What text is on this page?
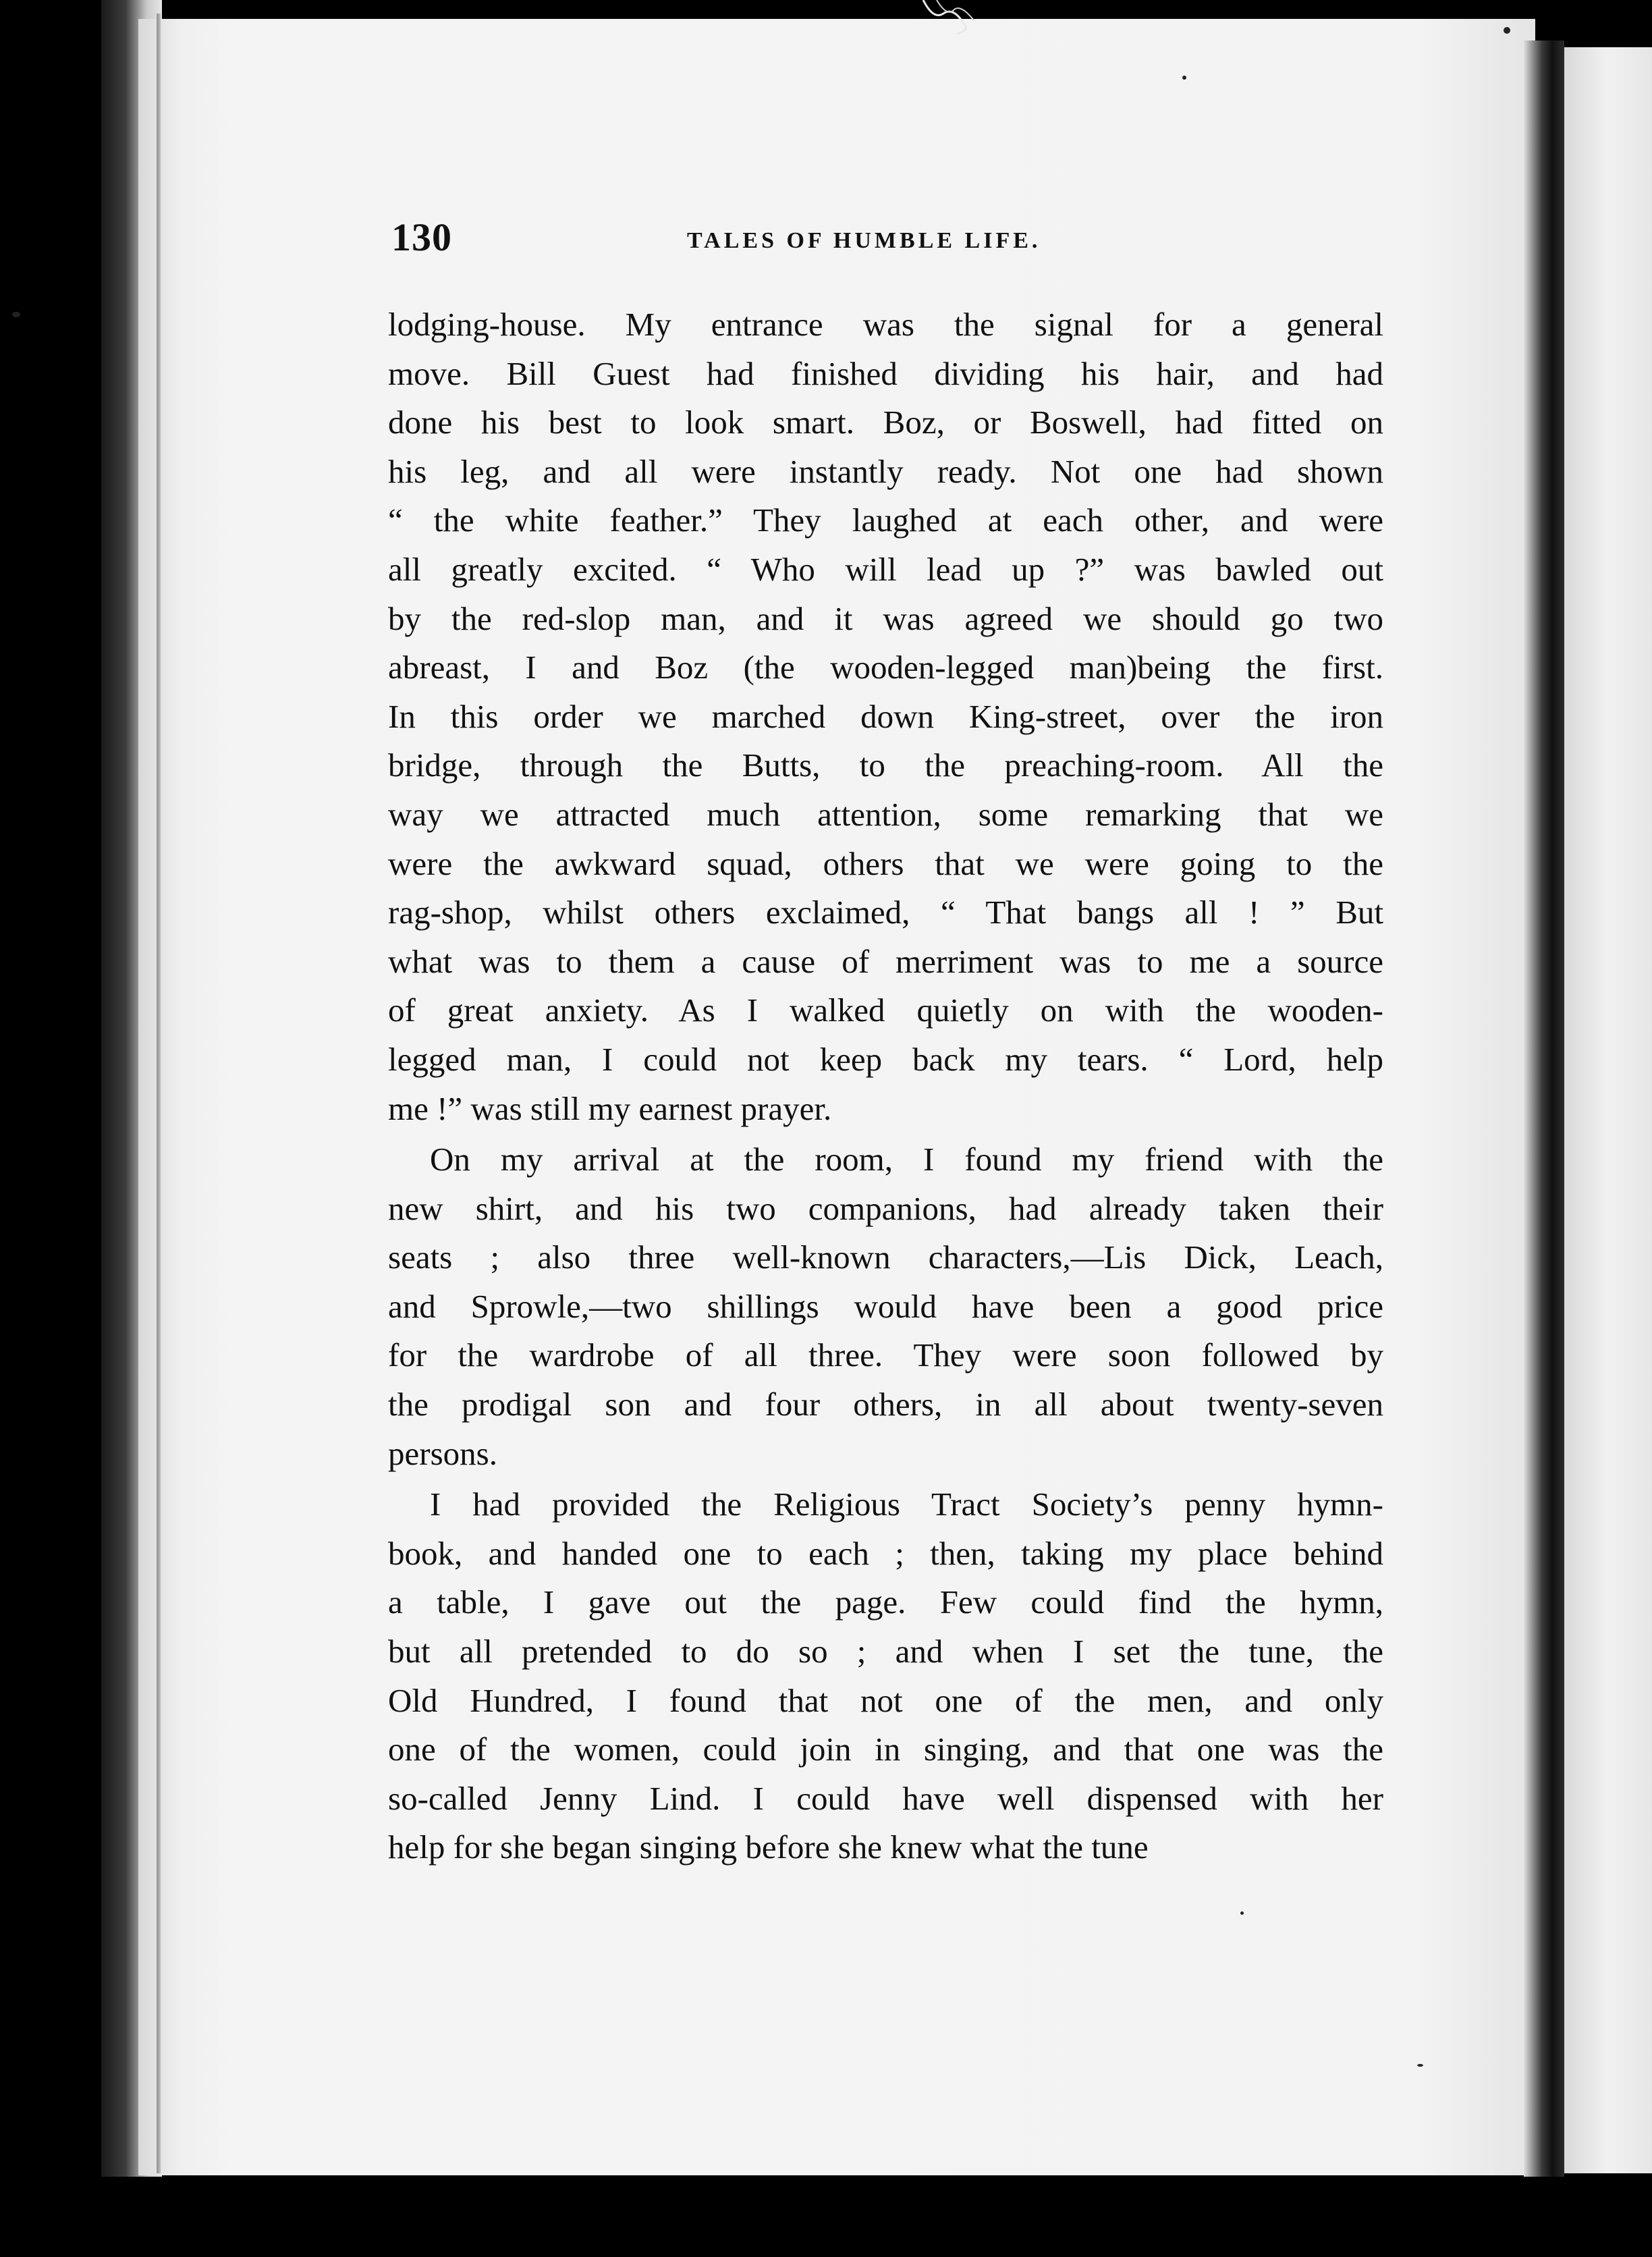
130	TALES OF HUMBLE LIFE.
lodging-house. My entrance was the signal for a general
move. Bill Guest had finished dividing his hair, and had
done his best to look smart. Boz, or Boswell, had fitted on
his leg, and all were instantly ready. Not one had shown
“ the white feather.” They laughed at each other, and were
all greatly excited. “ Who will lead up ?” was bawled out
by the red-slop man, and it was agreed we should go two
abreast, I and Boz (the wooden-legged man)being the first.
In this order we marched down King-street, over the iron
bridge, through the Butts, to the preaching-room. All the
way we attracted much attention, some remarking that we
were the awkward squad, others that we were going to the
rag-shop, whilst others exclaimed, “ That bangs all ! ” But
what was to them a cause of merriment was to me a source
of great anxiety. As I walked quietly on with the wooden-
legged man, I could not keep back my tears. “ Lord, help
me !” was still my earnest prayer.
On my arrival at the room, I found my friend with the
new shirt, and his two companions, had already taken their
seats ; also three well-known characters,—Lis Dick, Leach,
and Sprowle,—two shillings would have been a good price
for the wardrobe of all three. They were soon followed by
the prodigal son and four others, in all about twenty-seven
persons.
I had provided the Religious Tract Society’s penny hymn-
book, and handed one to each ; then, taking my place behind
a table, I gave out the page. Few could find the hymn,
but all pretended to do so ; and when I set the tune, the
Old Hundred, I found that not one of the men, and only
one of the women, could join in singing, and that one was the
so-called Jenny Lind. I could have well dispensed with her
help for she began singing before she knew what the tune
